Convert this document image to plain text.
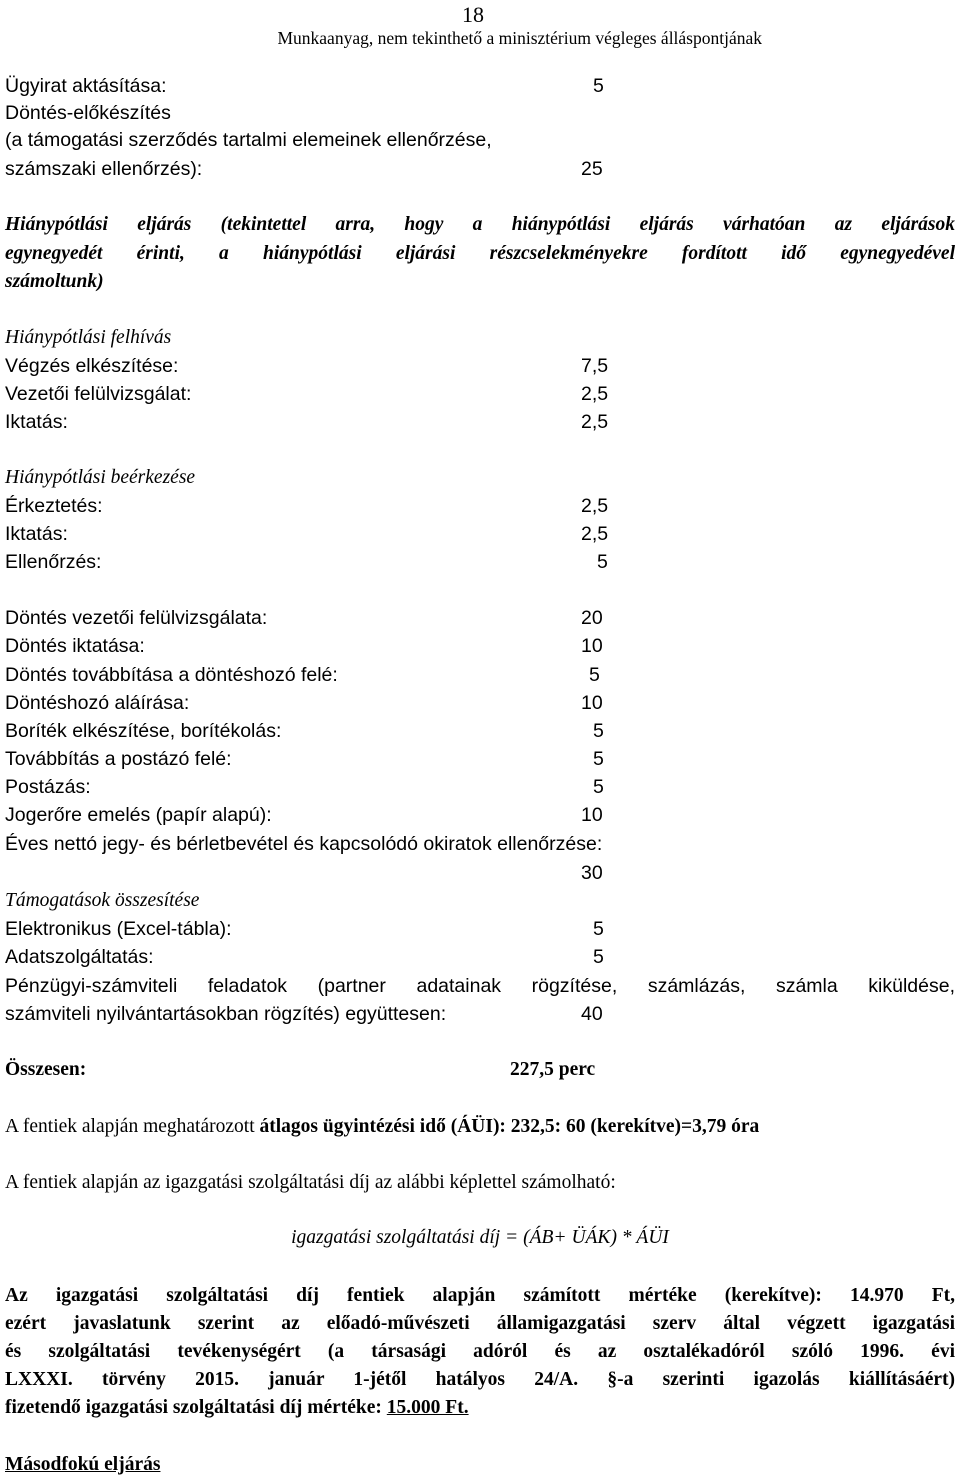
18
Munkaanyag, nem tekinthető a minisztérium végleges álláspontjának
Ügyirat aktásítása:	5
Döntés-előkészítés
(a támogatási szerződés tartalmi elemeinek ellenőrzése,
számszaki ellenőrzés):	25
Hiánypótlási eljárás (tekintettel arra, hogy a hiánypótlási eljárás várhatóan az eljárások
egynegyedét érinti, a hiánypótlási eljárási részcselekményekre fordított idő egynegyedével
számoltunk)
Hiánypótlási felhívás
Végzés elkészítése:	7,5
Vezetői felülvizsgálat:	2,5
Iktatás:	2,5
Hiánypótlási beérkezése
Érkeztetés:	2,5
Iktatás:	2,5
Ellenőrzés:	5
Döntés vezetői felülvizsgálata:	20
Döntés iktatása:	10
Döntés továbbítása a döntéshozó felé:	5
Döntéshozó aláírása:	10
Boríték elkészítése, borítékolás:	5
Továbbítás a postázó felé:	5
Postázás:	5
Jogerőre emelés (papír alapú):	10
Éves nettó jegy- és bérletbevétel és kapcsolódó okiratok ellenőrzése:
30
Támogatások összesítése
Elektronikus (Excel-tábla):	5
Adatszolgáltatás:	5
Pénzügyi-számviteli feladatok (partner adatainak rögzítése, számlázás, számla kiküldése,
számviteli nyilvántartásokban rögzítés) együttesen:	40
Összesen:	227,5 perc
A fentiek alapján meghatározott átlagos ügyintézési idő (ÁÜI): 232,5: 60 (kerekítve)=3,79 óra
A fentiek alapján az igazgatási szolgáltatási díj az alábbi képlettel számolható:
igazgatási szolgáltatási díj = (ÁB+ ÜÁK) * ÁÜI
Az igazgatási szolgáltatási díj fentiek alapján számított mértéke (kerekítve): 14.970 Ft,
ezért javaslatunk szerint az előadó-művészeti államigazgatási szerv által végzett igazgatási
és szolgáltatási tevékenységért (a társasági adóról és az osztalékadóról szóló 1996. évi
LXXXI. törvény 2015. január 1-jétől hatályos 24/A. §-a szerinti igazolás kiállításáért)
fizetendő igazgatási szolgáltatási díj mértéke: 15.000 Ft.
Másodfokú eljárás
